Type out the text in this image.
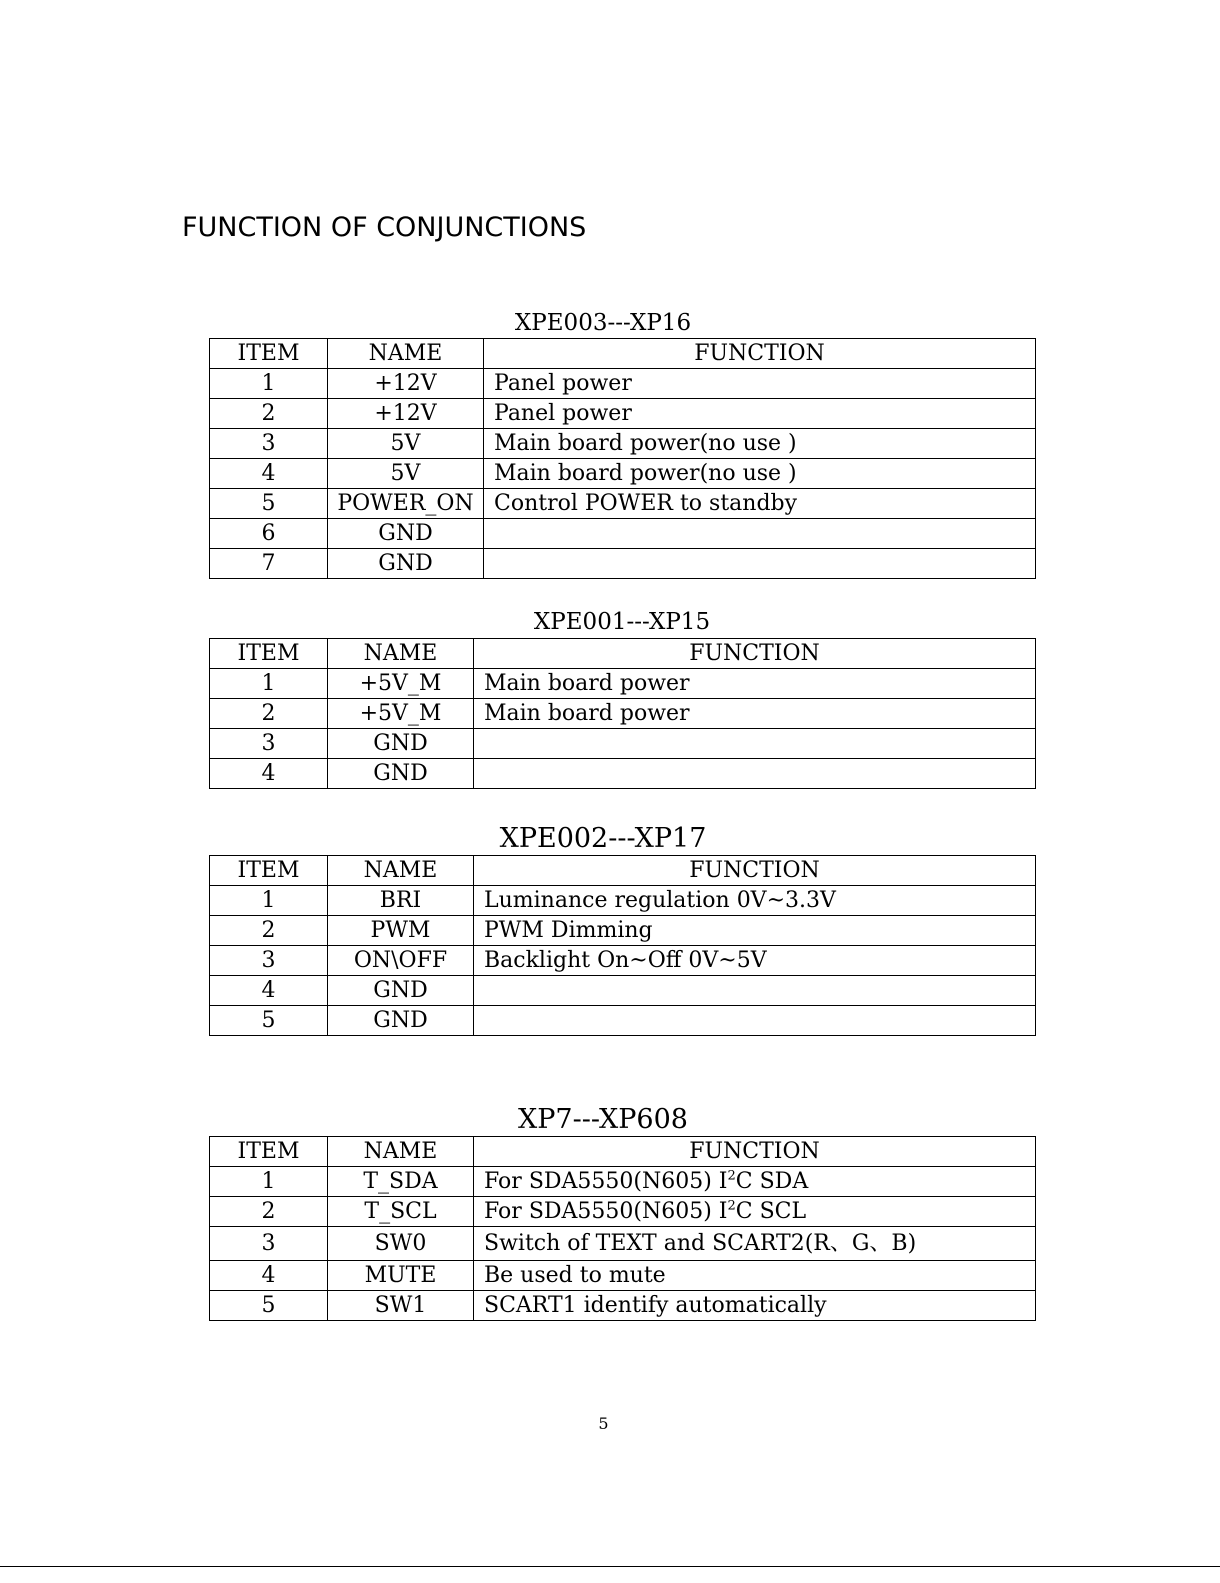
FUNCTION OF CONJUNCTIONS
XPE003---XP16
ITEM	NAME	FUNCTION
1	+12V	Panel power
2	+12V	Panel power
3	5V	Main board power(no use )
4	5V	Main board power(no use )
5	POWER_ON	Control POWER to standby
6	GND	
7	GND	
XPE001---XP15
ITEM	NAME	FUNCTION
1	+5V_M	Main board power
2	+5V_M	Main board power
3	GND	
4	GND	
XPE002---XP17
ITEM	NAME	FUNCTION
1	BRI	Luminance regulation 0V~3.3V
2	PWM	PWM Dimming
3	ON\OFF	Backlight On~Off 0V~5V
4	GND	
5	GND	
XP7---XP608
ITEM	NAME	FUNCTION
1	T_SDA	For SDA5550(N605) $I^2C$ SDA
2	T_SCL	For SDA5550(N605) $I^2C$ SCL
3	SW0	Switch of TEXT and SCART2(R、G、B)
4	MUTE	Be used to mute
5	SW1	SCART1 identify automatically
5
